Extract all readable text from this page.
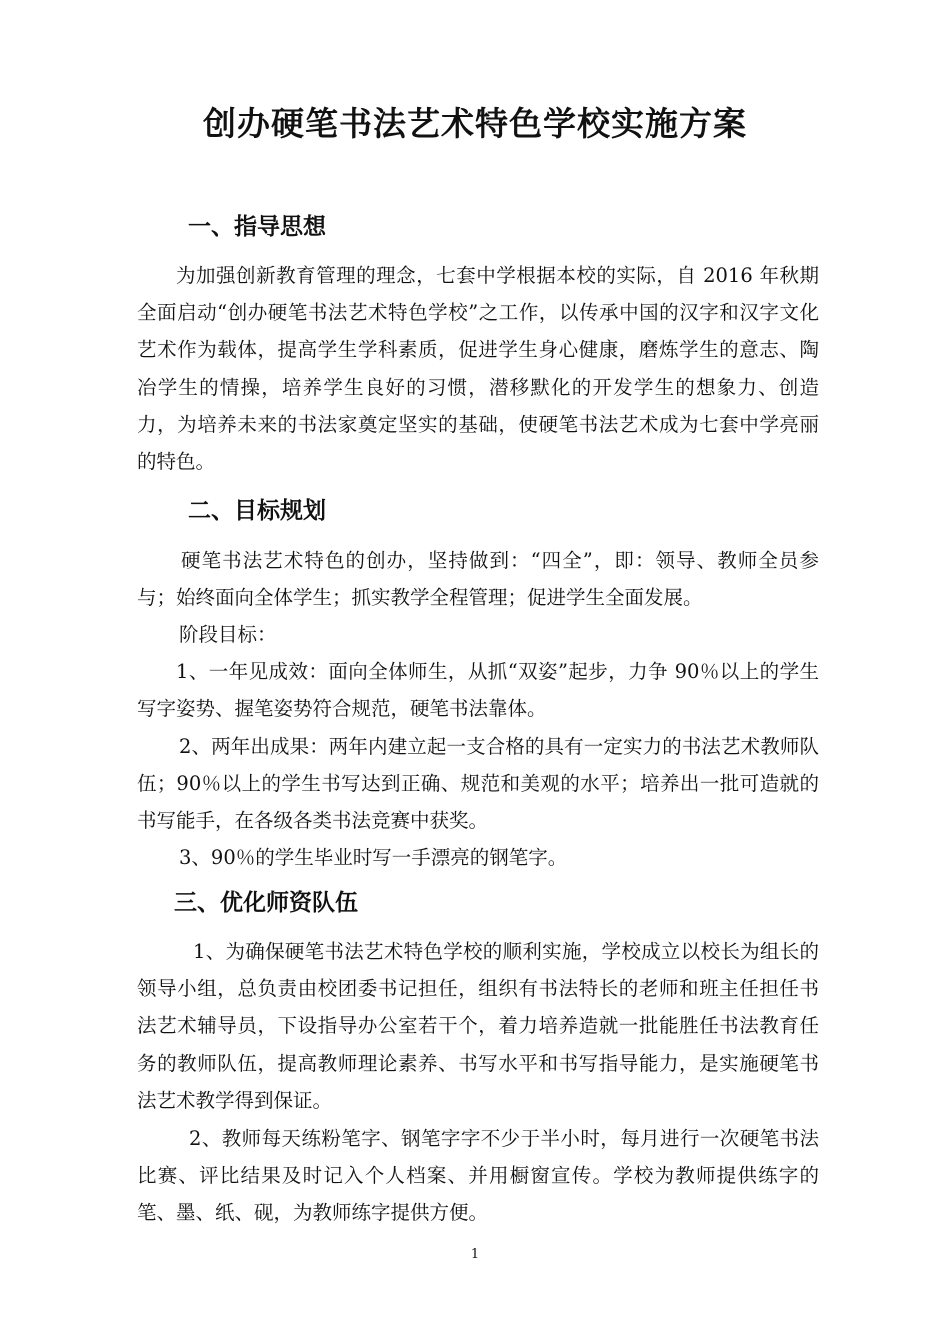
创办硬笔书法艺术特色学校实施方案
一、指导思想

为加强创新教育管理的理念，七套中学根据本校的实际，自 2016 年秋期全面启动“创办硬笔书法艺术特色学校”之工作，以传承中国的汉字和汉字文化艺术作为载体，提高学生学科素质，促进学生身心健康，磨炼学生的意志、陶冶学生的情操，培养学生良好的习惯，潜移默化的开发学生的想象力、创造力，为培养未来的书法家奠定坚实的基础，使硬笔书法艺术成为七套中学亮丽的特色。

二、目标规划

硬笔书法艺术特色的创办，坚持做到：“四全”，即：领导、教师全员参与；始终面向全体学生；抓实教学全程管理；促进学生全面发展。

阶段目标：

1、一年见成效：面向全体师生，从抓“双姿”起步，力争 90％以上的学生写字姿势、握笔姿势符合规范，硬笔书法靠体。

2、两年出成果：两年内建立起一支合格的具有一定实力的书法艺术教师队伍；90％以上的学生书写达到正确、规范和美观的水平；培养出一批可造就的书写能手，在各级各类书法竞赛中获奖。

3、90％的学生毕业时写一手漂亮的钢笔字。

三、优化师资队伍

1、为确保硬笔书法艺术特色学校的顺利实施，学校成立以校长为组长的领导小组，总负责由校团委书记担任，组织有书法特长的老师和班主任担任书法艺术辅导员，下设指导办公室若干个，着力培养造就一批能胜任书法教育任务的教师队伍，提高教师理论素养、书写水平和书写指导能力，是实施硬笔书法艺术教学得到保证。

2、教师每天练粉笔字、钢笔字字不少于半小时，每月进行一次硬笔书法比赛、评比结果及时记入个人档案、并用橱窗宣传。学校为教师提供练字的笔、墨、纸、砚，为教师练字提供方便。

1
